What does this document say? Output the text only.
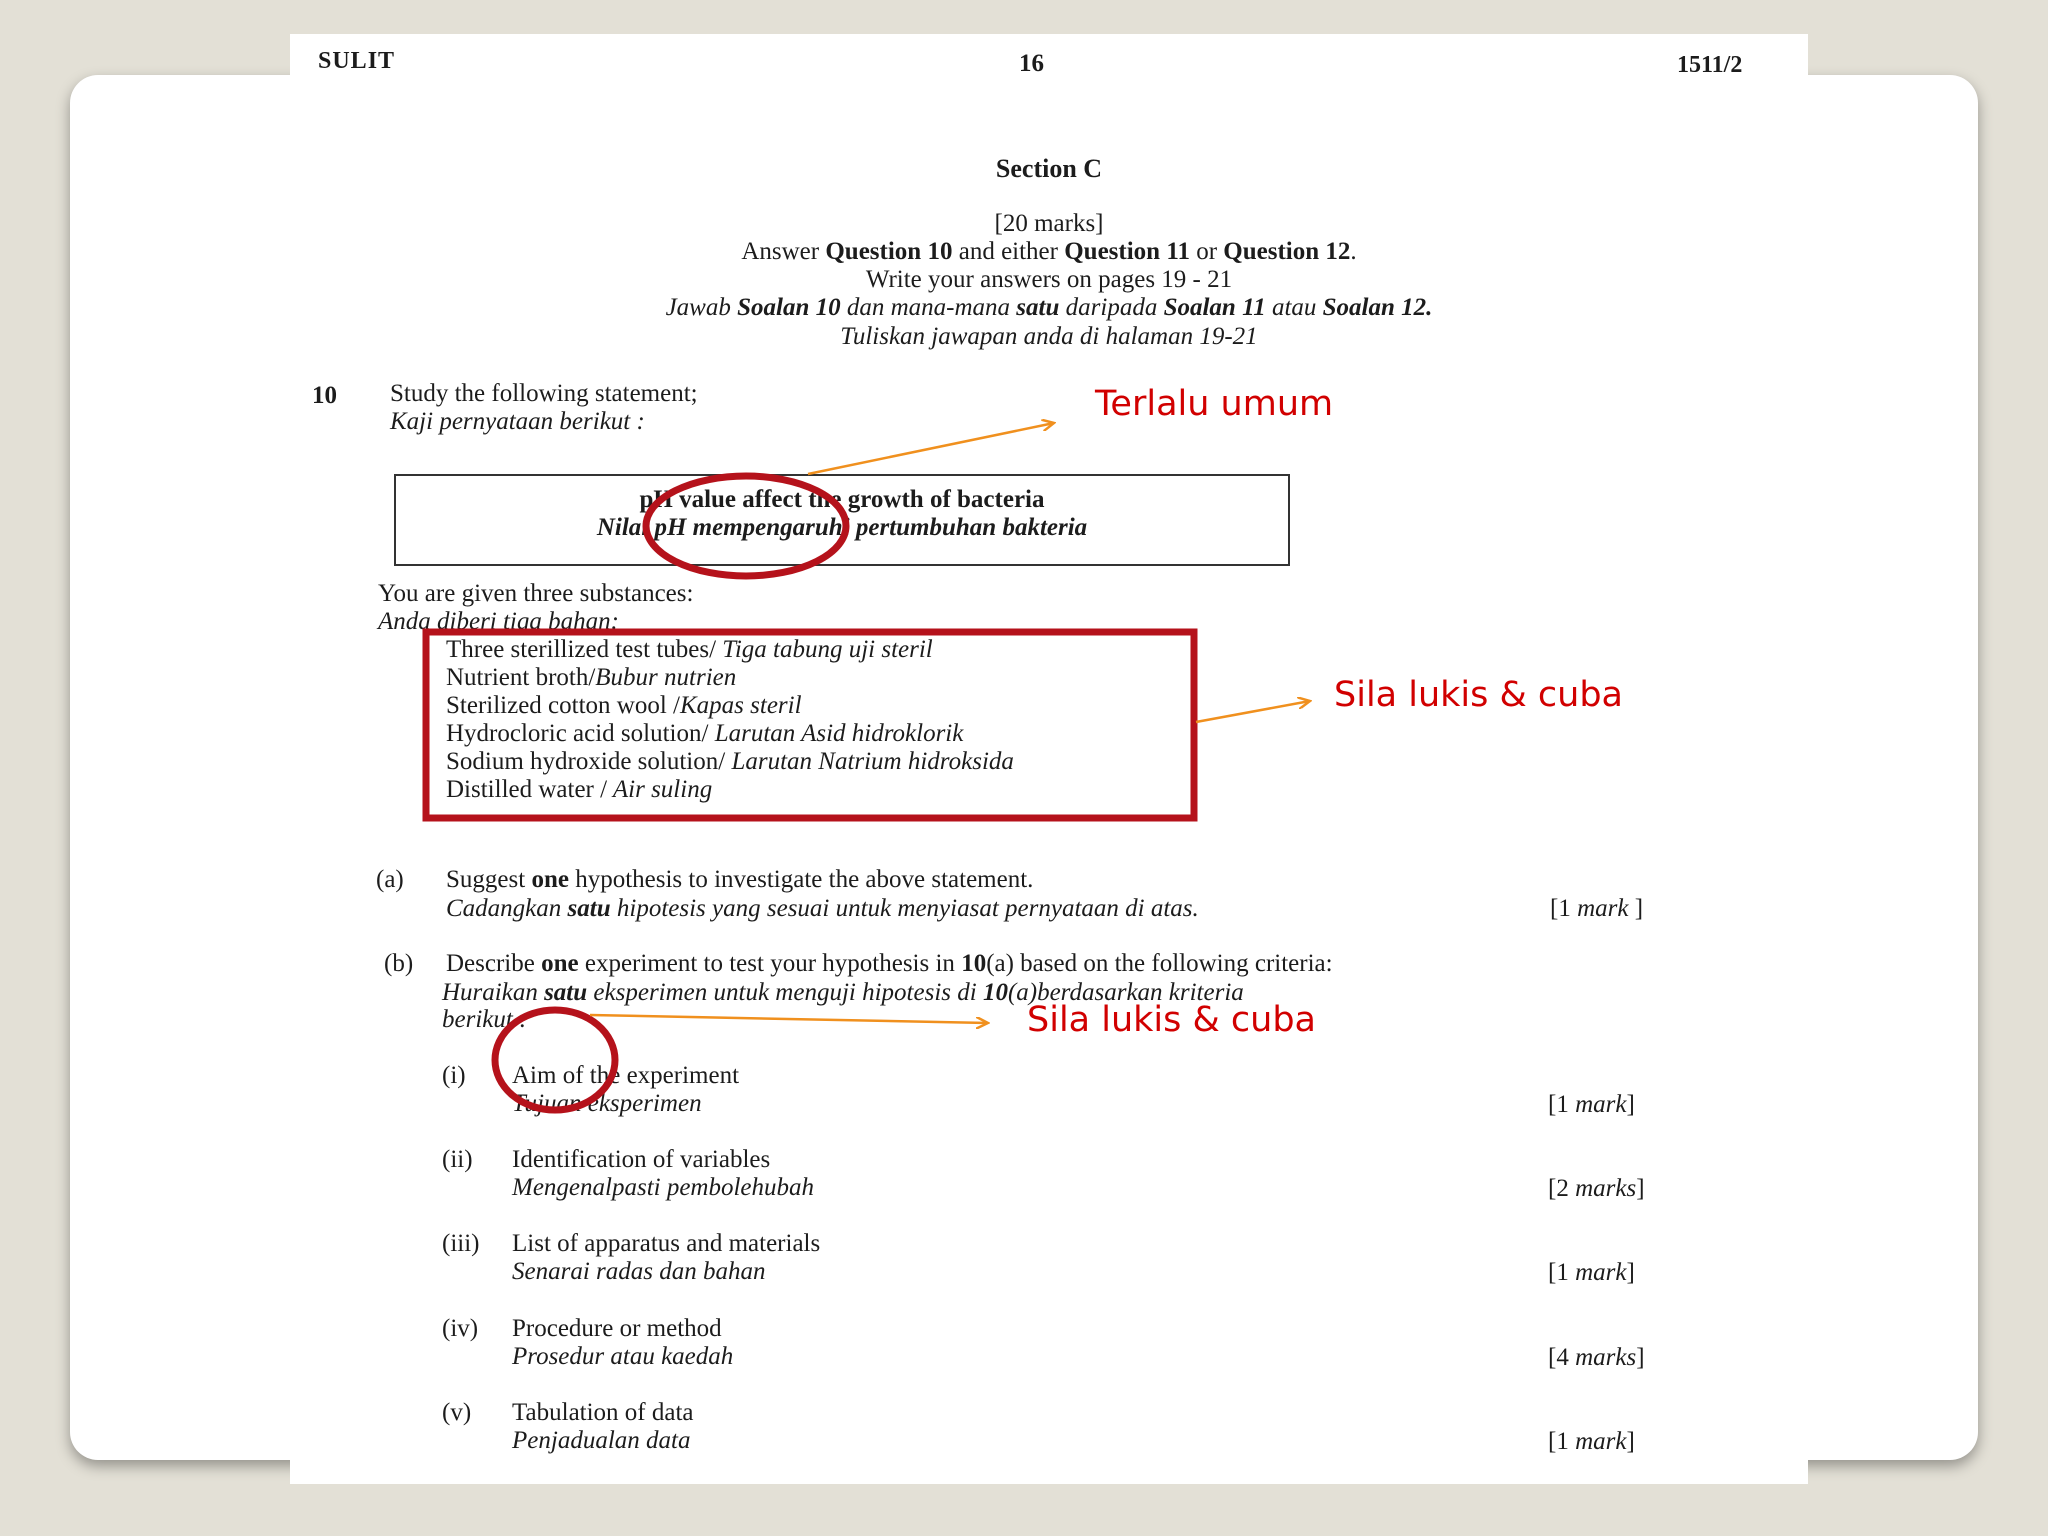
SULIT	16	1511/2
Section C
[20 marks]
Answer Question 10 and either Question 11 or Question 12.
Write your answers on pages 19 - 21
Jawab Soalan 10 dan mana-mana satu daripada Soalan 11 atau Soalan 12.
Tuliskan jawapan anda di halaman 19-21
10 Study the following statement;
Kaji pernyataan berikut :
pH value affect the growth of bacteria
Nilai pH mempengaruhi pertumbuhan bakteria
You are given three substances:
Anda diberi tiga bahan:
Three sterillized test tubes/ Tiga tabung uji steril
Nutrient broth/Bubur nutrien
Sterilized cotton wool /Kapas steril
Hydrocloric acid solution/ Larutan Asid hidroklorik
Sodium hydroxide solution/ Larutan Natrium hidroksida
Distilled water / Air suling
(a) Suggest one hypothesis to investigate the above statement.
Cadangkan satu hipotesis yang sesuai untuk menyiasat pernyataan di atas.	[1 mark ]
(b) Describe one experiment to test your hypothesis in 10(a) based on the following criteria:
Huraikan satu eksperimen untuk menguji hipotesis di 10(a)berdasarkan kriteria
berikut :
(i) Aim of the experiment
Tujuan eksperimen	[1 mark]
(ii) Identification of variables
Mengenalpasti pembolehubah	[2 marks]
(iii) List of apparatus and materials
Senarai radas dan bahan	[1 mark]
(iv) Procedure or method
Prosedur atau kaedah	[4 marks]
(v) Tabulation of data
Penjadualan data	[1 mark]
Terlalu umum
Sila lukis & cuba
Sila lukis & cuba
